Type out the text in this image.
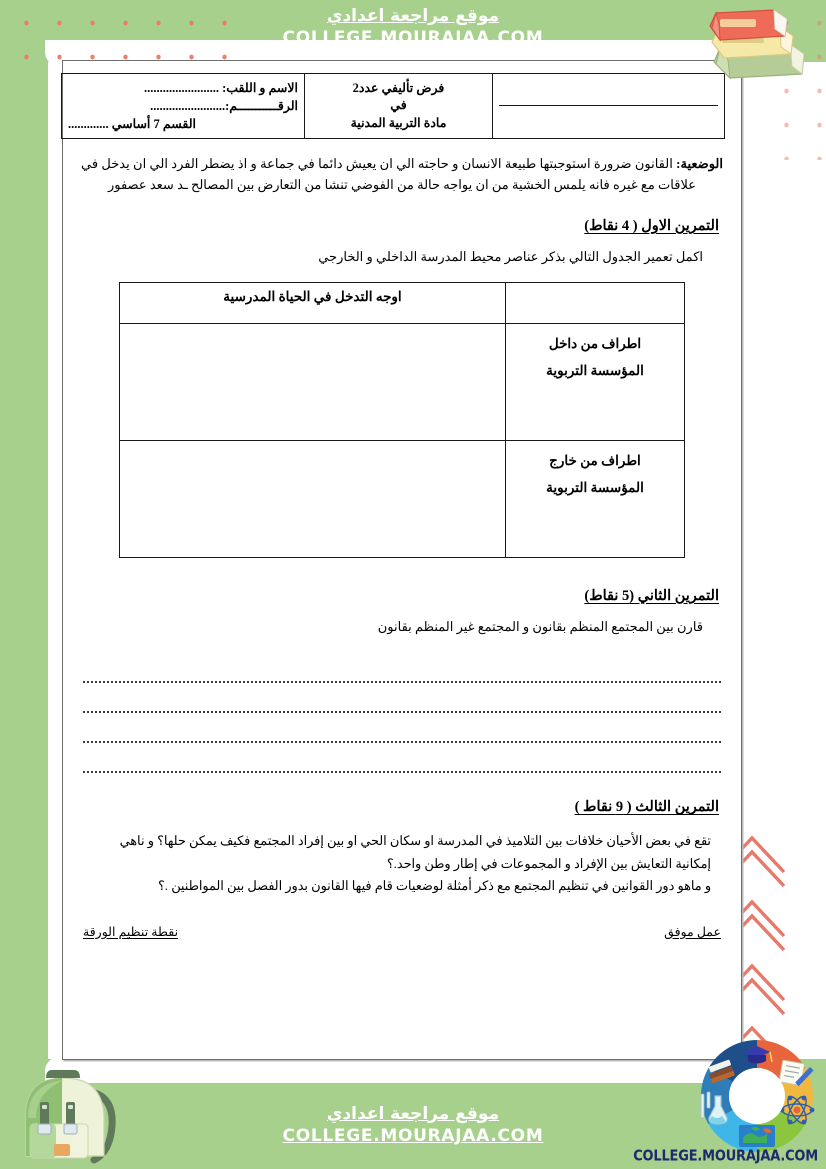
موقع مراجعة اعدادي
COLLEGE.MOURAJAA.COM
موقع مراجعة اعدادي
COLLEGE.MOURAJAA.COM
COLLEGE.MOURAJAA.COM

فرض تأليفي عدد2
في
مادة التربية المدنية

الاسم و اللقب: ........................
الرقـــــــــــم:........................
القسم 7 أساسي .............

الوضعية: القانون ضرورة استوجبتها طبيعة الانسان و حاجته الي ان يعيش دائما في جماعة و اذ يضطر الفرد الي ان يدخل في علاقات مع غيره فانه يلمس الخشية من ان يواجه حالة من الفوضي تنشا من التعارض بين المصالح ـد سعد عصفور

التمرين الاول ( 4 نقاط)
اكمل تعمير الجدول التالي بذكر عناصر محيط المدرسة الداخلي و الخارجي
	اوجه التدخل في الحياة المدرسية

اطراف من داخل
المؤسسة التربوية	

اطراف من خارج
المؤسسة التربوية	

التمرين الثاني (5 نقاط)
قارن بين المجتمع المنظم بقانون و المجتمع غير المنظم بقانون
التمرين الثالث ( 9 نقاط )
تقع في بعض الأحيان خلافات بين التلاميذ في المدرسة او سكان الحي او بين إفراد المجتمع فكيف يمكن حلها؟ و ناهي
إمكانية التعايش بين الإفراد و المجموعات في إطار وطن واحد.؟
و ماهو دور القوانين في تنظيم المجتمع مع ذكر أمثلة لوضعيات قام فيها القانون بدور الفصل بين المواطنين .؟
عمل موفق
نقطة تنظيم الورقة
